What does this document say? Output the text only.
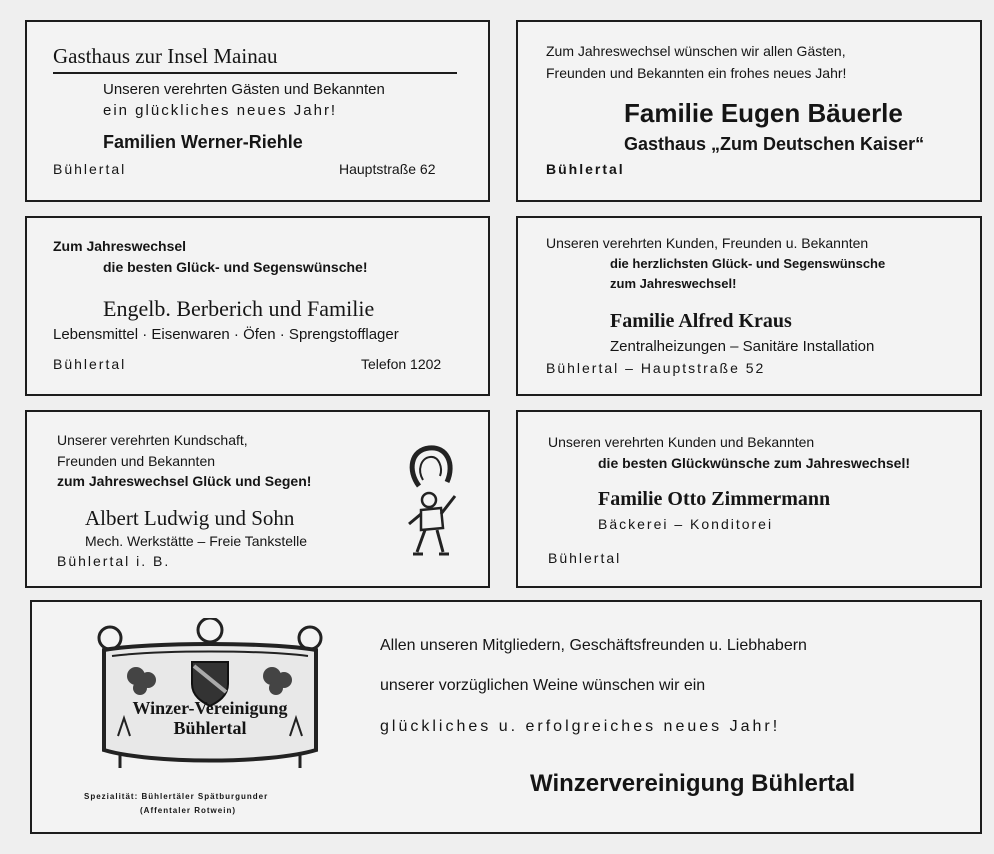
Gasthaus zur Insel Mainau
Unseren verehrten Gästen und Bekannten
ein glückliches neues Jahr!
Familien Werner-Riehle
Bühlertal	Hauptstraße 62
Zum Jahreswechsel wünschen wir allen Gästen,
Freunden und Bekannten ein frohes neues Jahr!
Familie Eugen Bäuerle
Gasthaus „Zum Deutschen Kaiser“
Bühlertal
Zum Jahreswechsel
die besten Glück- und Segenswünsche!
Engelb. Berberich und Familie
Lebensmittel · Eisenwaren · Öfen · Sprengstofflager
Bühlertal	Telefon 1202
Unseren verehrten Kunden, Freunden u. Bekannten
die herzlichsten Glück- und Segenswünsche
zum Jahreswechsel!
Familie Alfred Kraus
Zentralheizungen – Sanitäre Installation
Bühlertal – Hauptstraße 52
Unserer verehrten Kundschaft,
Freunden und Bekannten
zum Jahreswechsel Glück und Segen!
Albert Ludwig und Sohn
Mech. Werkstätte – Freie Tankstelle
Bühlertal i. B.
Unseren verehrten Kunden und Bekannten
die besten Glückwünsche zum Jahreswechsel!
Familie Otto Zimmermann
Bäckerei – Konditorei
Bühlertal
Winzer-Vereinigung Bühlertal
Spezialität: Bühlertäler Spätburgunder
(Affentaler Rotwein)
Allen unseren Mitgliedern, Geschäftsfreunden u. Liebhabern
unserer vorzüglichen Weine wünschen wir ein
glückliches u. erfolgreiches neues Jahr!
Winzervereinigung Bühlertal
